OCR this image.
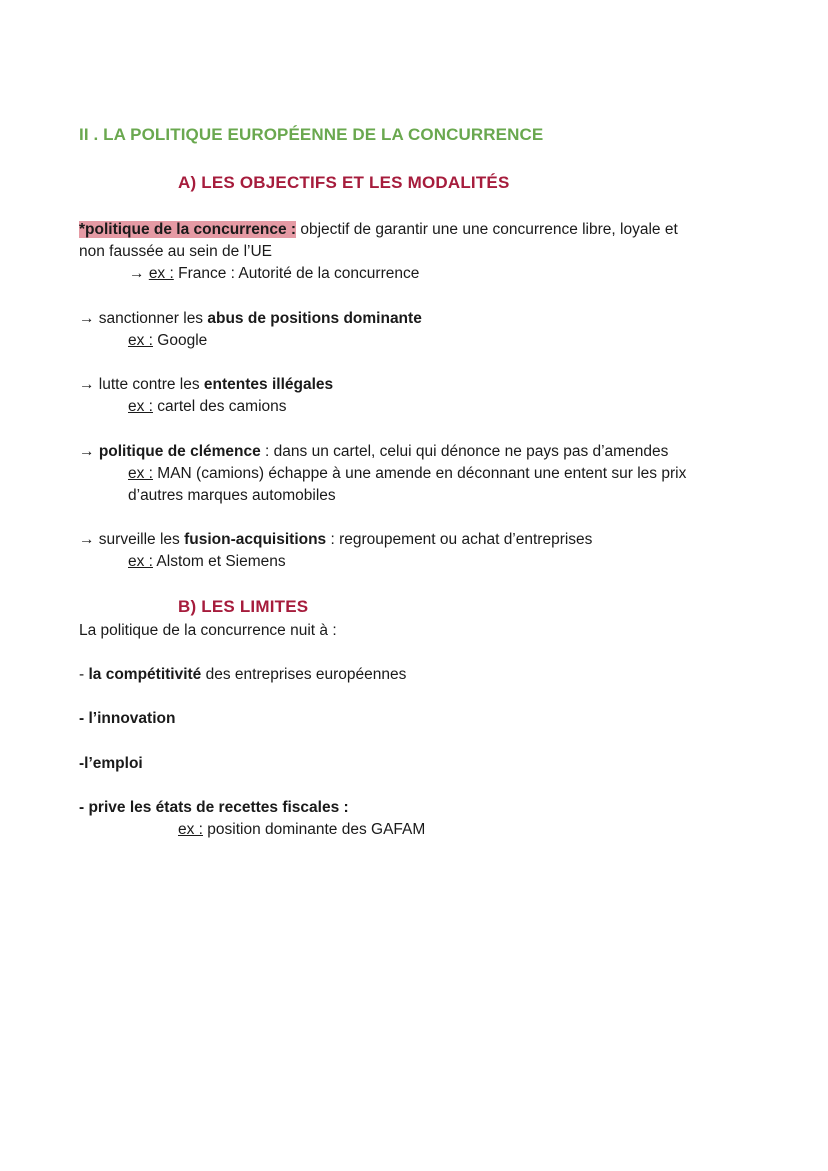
II . LA POLITIQUE EUROPÉENNE DE LA CONCURRENCE
A) LES OBJECTIFS ET LES MODALITÉS
*politique de la concurrence : objectif de garantir une une concurrence libre, loyale et
non faussée au sein de l’UE
→ ex : France : Autorité de la concurrence
→ sanctionner les abus de positions dominante
ex : Google
→ lutte contre les ententes illégales
ex : cartel des camions
→ politique de clémence : dans un cartel, celui qui dénonce ne pays pas d’amendes
ex : MAN (camions) échappe à une amende en déconnant une entent sur les prix
d’autres marques automobiles
→ surveille les fusion-acquisitions : regroupement ou achat d’entreprises
ex : Alstom et Siemens
B) LES LIMITES
La politique de la concurrence nuit à :
- la compétitivité des entreprises européennes
- l’innovation
-l’emploi
- prive les états de recettes fiscales :
ex : position dominante des GAFAM
